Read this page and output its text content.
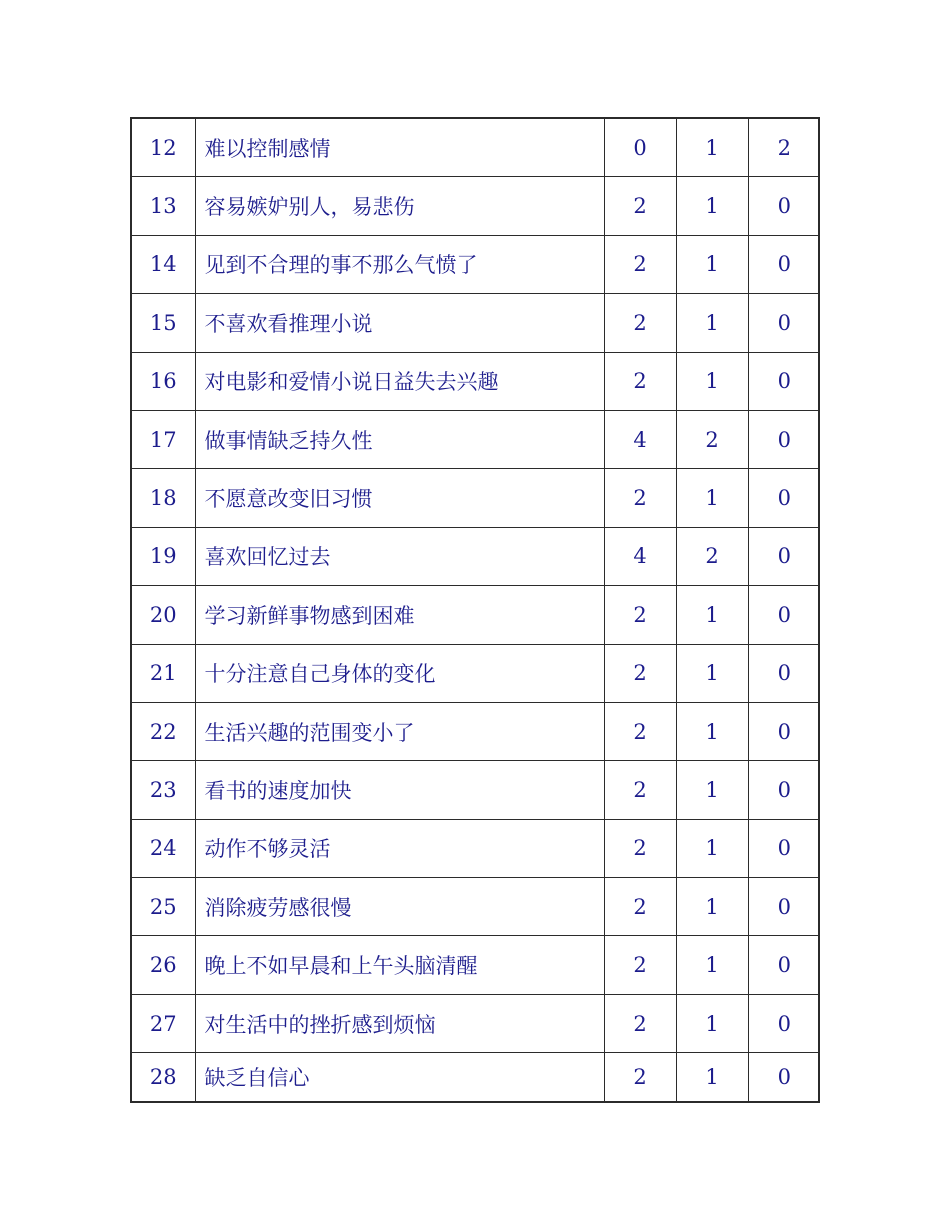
12	难以控制感情	0	1	2
13	容易嫉妒别人，易悲伤	2	1	0
14	见到不合理的事不那么气愤了	2	1	0
15	不喜欢看推理小说	2	1	0
16	对电影和爱情小说日益失去兴趣	2	1	0
17	做事情缺乏持久性	4	2	0
18	不愿意改变旧习惯	2	1	0
19	喜欢回忆过去	4	2	0
20	学习新鲜事物感到困难	2	1	0
21	十分注意自己身体的变化	2	1	0
22	生活兴趣的范围变小了	2	1	0
23	看书的速度加快	2	1	0
24	动作不够灵活	2	1	0
25	消除疲劳感很慢	2	1	0
26	晚上不如早晨和上午头脑清醒	2	1	0
27	对生活中的挫折感到烦恼	2	1	0
28	缺乏自信心	2	1	0
